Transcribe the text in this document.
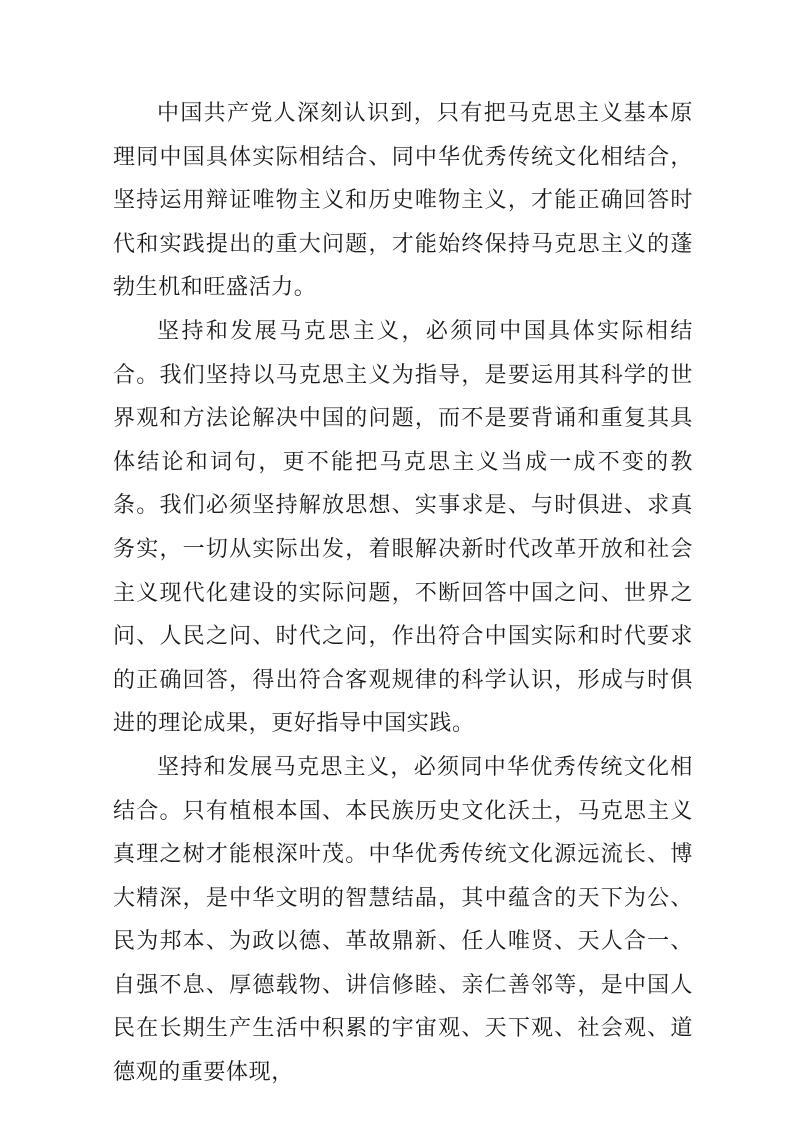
中国共产党人深刻认识到，只有把马克思主义基本原理同中国具体实际相结合、同中华优秀传统文化相结合，坚持运用辩证唯物主义和历史唯物主义，才能正确回答时代和实践提出的重大问题，才能始终保持马克思主义的蓬勃生机和旺盛活力。

坚持和发展马克思主义，必须同中国具体实际相结合。我们坚持以马克思主义为指导，是要运用其科学的世界观和方法论解决中国的问题，而不是要背诵和重复其具体结论和词句，更不能把马克思主义当成一成不变的教条。我们必须坚持解放思想、实事求是、与时俱进、求真务实，一切从实际出发，着眼解决新时代改革开放和社会主义现代化建设的实际问题，不断回答中国之问、世界之问、人民之问、时代之问，作出符合中国实际和时代要求的正确回答，得出符合客观规律的科学认识，形成与时俱进的理论成果，更好指导中国实践。

坚持和发展马克思主义，必须同中华优秀传统文化相结合。只有植根本国、本民族历史文化沃土，马克思主义真理之树才能根深叶茂。中华优秀传统文化源远流长、博大精深，是中华文明的智慧结晶，其中蕴含的天下为公、民为邦本、为政以德、革故鼎新、任人唯贤、天人合一、自强不息、厚德载物、讲信修睦、亲仁善邻等，是中国人民在长期生产生活中积累的宇宙观、天下观、社会观、道德观的重要体现，
